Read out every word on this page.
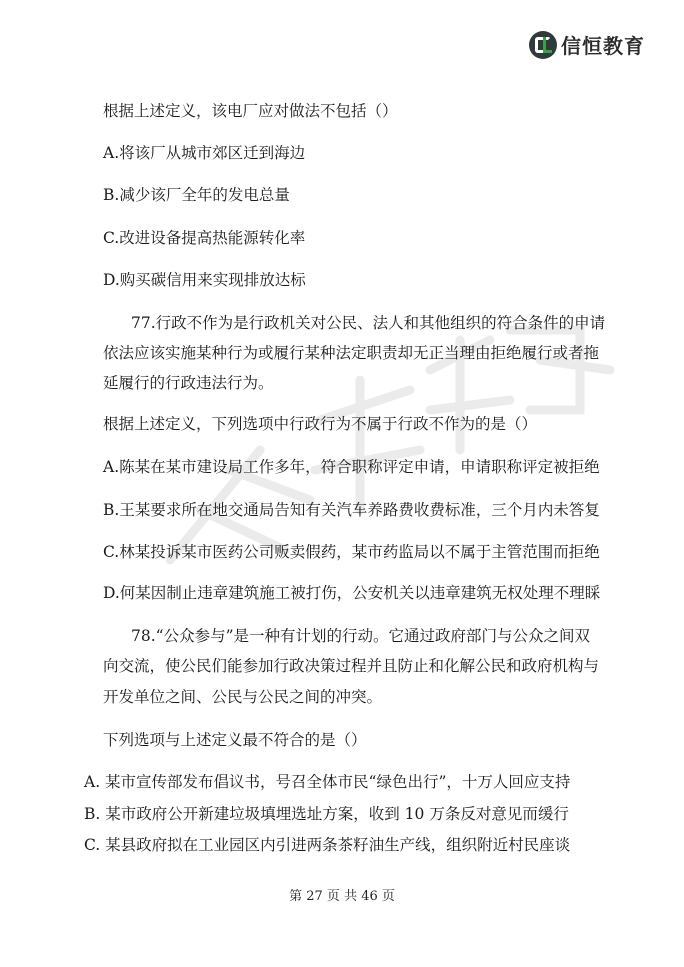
信恒教育
根据上述定义，该电厂应对做法不包括（）
A.将该厂从城市郊区迁到海边
B.减少该厂全年的发电总量
C.改进设备提高热能源转化率
D.购买碳信用来实现排放达标
77.行政不作为是行政机关对公民、法人和其他组织的符合条件的申请
依法应该实施某种行为或履行某种法定职责却无正当理由拒绝履行或者拖
延履行的行政违法行为。
根据上述定义，下列选项中行政行为不属于行政不作为的是（）
A.陈某在某市建设局工作多年，符合职称评定申请，申请职称评定被拒绝
B.王某要求所在地交通局告知有关汽车养路费收费标准，三个月内未答复
C.林某投诉某市医药公司贩卖假药，某市药监局以不属于主管范围而拒绝
D.何某因制止违章建筑施工被打伤，公安机关以违章建筑无权处理不理睬
78.“公众参与”是一种有计划的行动。它通过政府部门与公众之间双
向交流，使公民们能参加行政决策过程并且防止和化解公民和政府机构与
开发单位之间、公民与公民之间的冲突。
下列选项与上述定义最不符合的是（）
A. 某市宣传部发布倡议书，号召全体市民“绿色出行”，十万人回应支持
B. 某市政府公开新建垃圾填埋选址方案，收到 10 万条反对意见而缓行
C. 某县政府拟在工业园区内引进两条茶籽油生产线，组织附近村民座谈
第 27 页 共 46 页
